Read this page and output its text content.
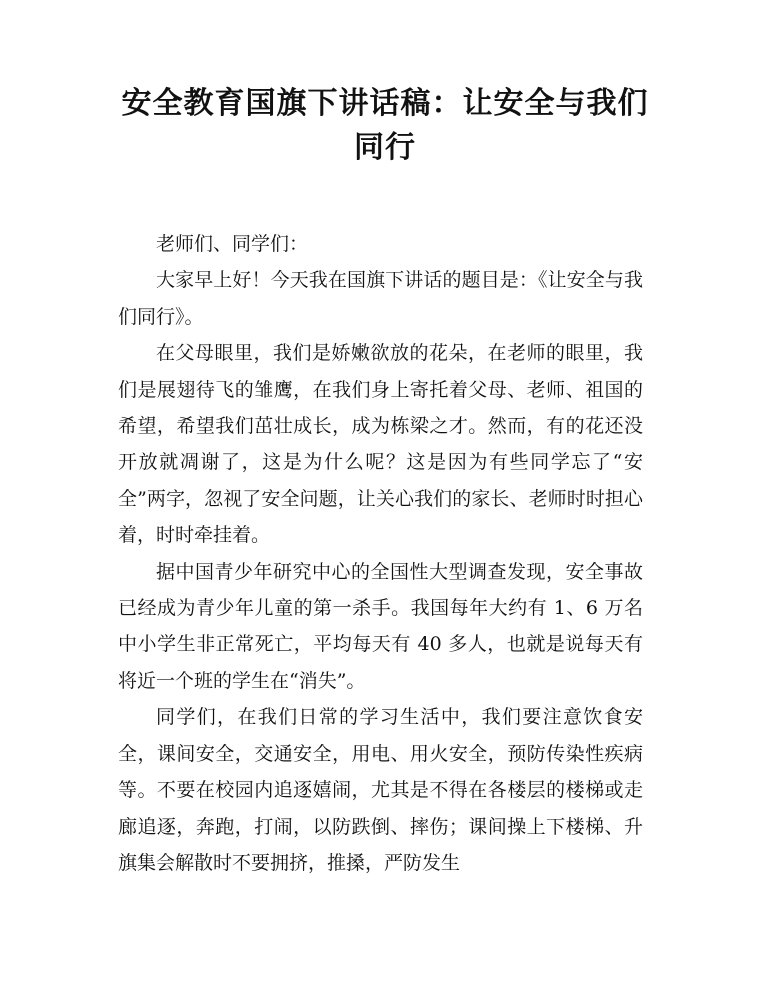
安全教育国旗下讲话稿：让安全与我们同行

老师们、同学们：

大家早上好！今天我在国旗下讲话的题目是：《让安全与我们同行》。

在父母眼里，我们是娇嫩欲放的花朵，在老师的眼里，我们是展翅待飞的雏鹰，在我们身上寄托着父母、老师、祖国的希望，希望我们茁壮成长，成为栋梁之才。然而，有的花还没开放就凋谢了，这是为什么呢？这是因为有些同学忘了“安全”两字，忽视了安全问题，让关心我们的家长、老师时时担心着，时时牵挂着。

据中国青少年研究中心的全国性大型调查发现，安全事故已经成为青少年儿童的第一杀手。我国每年大约有 1、6 万名中小学生非正常死亡，平均每天有 40 多人，也就是说每天有将近一个班的学生在“消失”。

同学们，在我们日常的学习生活中，我们要注意饮食安全，课间安全，交通安全，用电、用火安全，预防传染性疾病等。不要在校园内追逐嬉闹，尤其是不得在各楼层的楼梯或走廊追逐，奔跑，打闹，以防跌倒、摔伤；课间操上下楼梯、升旗集会解散时不要拥挤，推搡，严防发生
